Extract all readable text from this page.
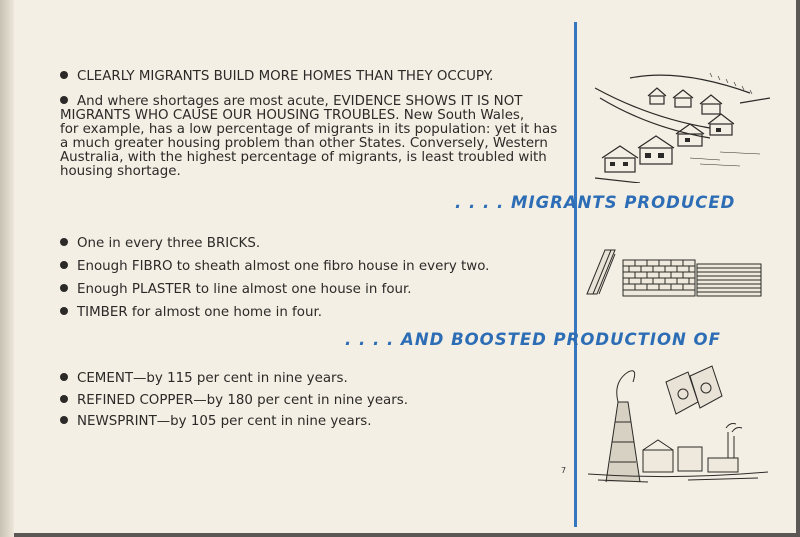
CLEARLY MIGRANTS BUILD MORE HOMES THAN THEY OCCUPY.
And where shortages are most acute, EVIDENCE SHOWS IT IS NOT
MIGRANTS WHO CAUSE OUR HOUSING TROUBLES. New South Wales,
for example, has a low percentage of migrants in its population: yet it has
a much greater housing problem than other States. Conversely, Western
Australia, with the highest percentage of migrants, is least troubled with
housing shortage.
. . . . MIGRANTS PRODUCED
One in every three BRICKS.
Enough FIBRO to sheath almost one fibro house in every two.
Enough PLASTER to line almost one house in four.
TIMBER for almost one home in four.
. . . . AND BOOSTED PRODUCTION OF
CEMENT—by 115 per cent in nine years.
REFINED COPPER—by 180 per cent in nine years.
NEWSPRINT—by 105 per cent in nine years.
7
